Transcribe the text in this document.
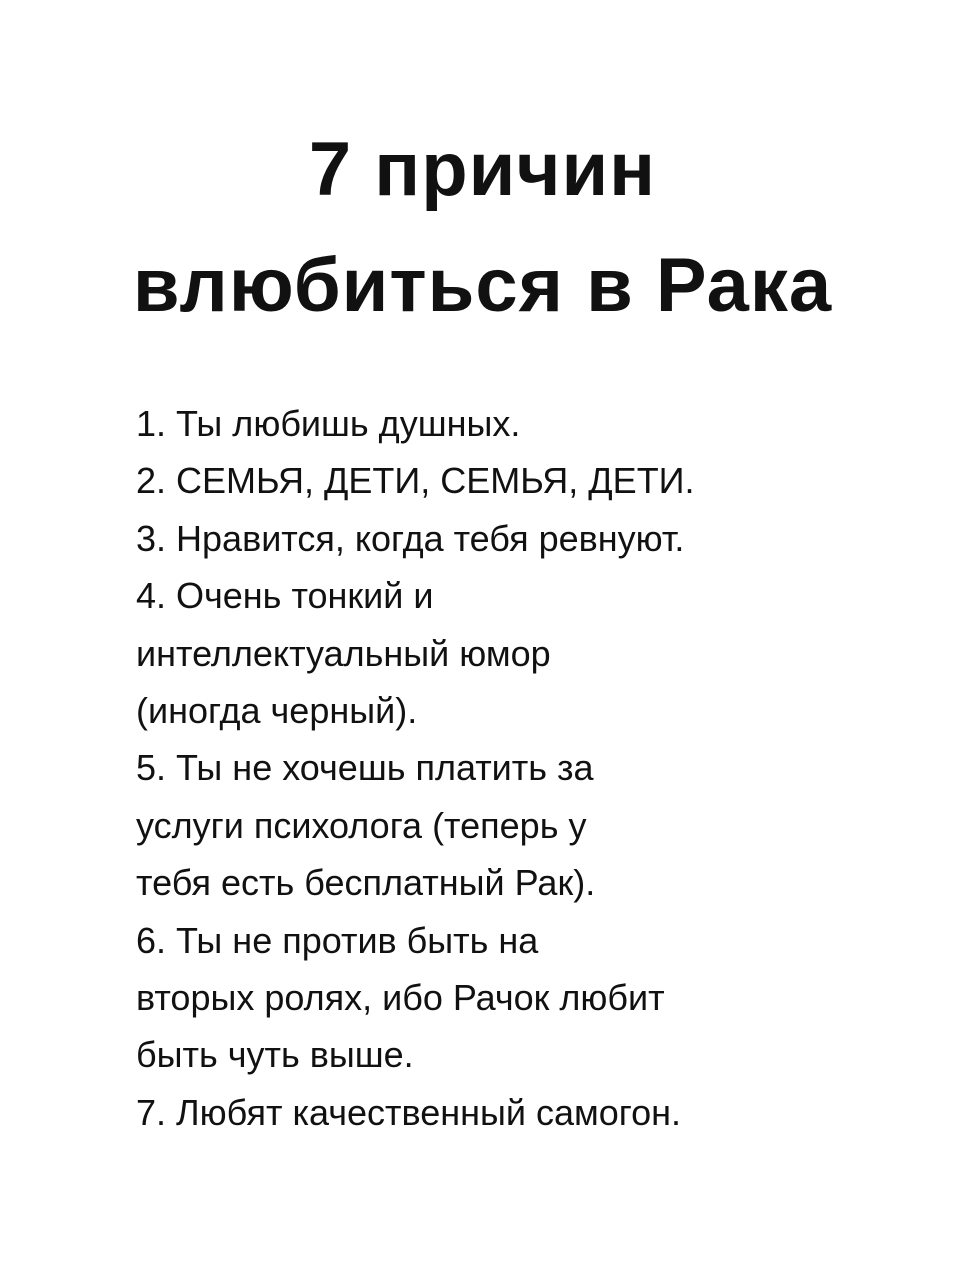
7 причин
влюбиться в Рака
1. Ты любишь душных.
2. СЕМЬЯ, ДЕТИ, СЕМЬЯ, ДЕТИ.
3. Нравится, когда тебя ревнуют.
4. Очень тонкий и
интеллектуальный юмор
(иногда черный).
5. Ты не хочешь платить за
услуги психолога (теперь у
тебя есть бесплатный Рак).
6. Ты не против быть на
вторых ролях, ибо Рачок любит
быть чуть выше.
7. Любят качественный самогон.
